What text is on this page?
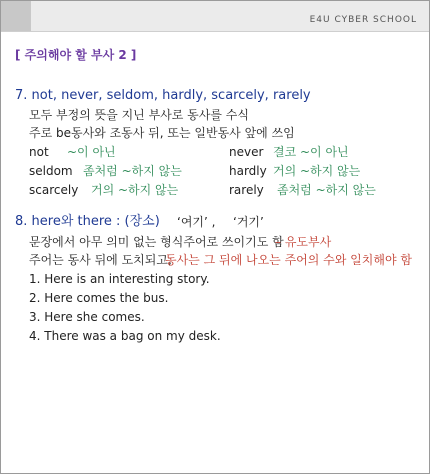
E4U CYBER SCHOOL
[ 주의해야 할 부사 2 ]
7. not, never, seldom, hardly, scarcely, rarely
모두 부정의 뜻을 지닌 부사로 동사를 수식
주로 be동사와 조동사 뒤, 또는 일반동사 앞에 쓰임
not ~이 아닌	never 결코 ~이 아닌
seldom 좀처럼 ~하지 않는	hardly 거의 ~하지 않는
scarcely 거의 ~하지 않는	rarely 좀처럼 ~하지 않는
8. here와 there : (장소) ‘여기’ , ‘거기’
문장에서 아무 의미 없는 형식주어로 쓰이기도 함
– 유도부사
주어는 동사 뒤에 도치되고,
동사는 그 뒤에 나오는 주어의 수와 일치해야 함
1. Here is an interesting story.
2. Here comes the bus.
3. Here she comes.
4. There was a bag on my desk.
